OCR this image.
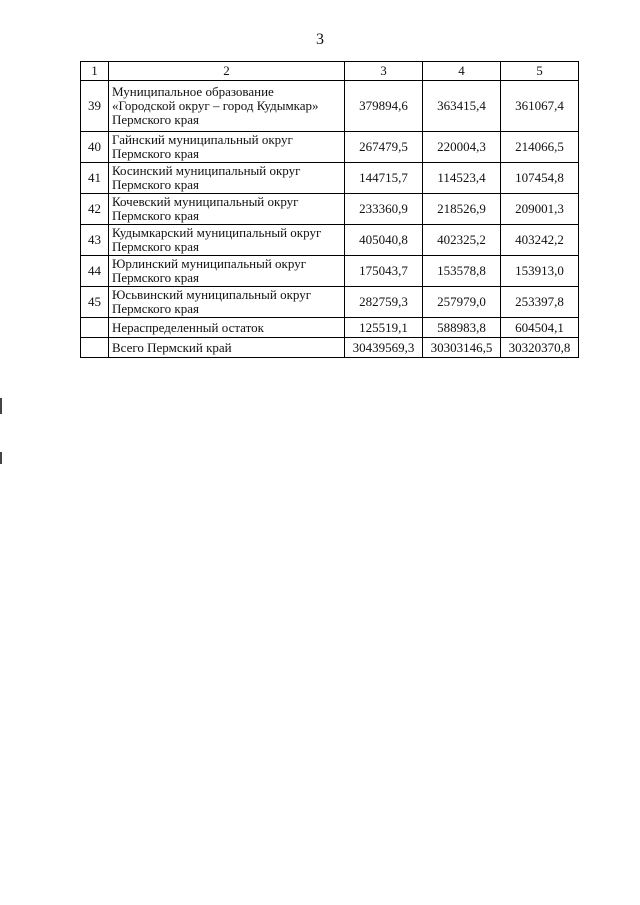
3
1	2	3	4	5
39	Муниципальное образование
«Городской округ – город Кудымкар»
Пермского края	379894,6	363415,4	361067,4
40	Гайнский муниципальный округ
Пермского края	267479,5	220004,3	214066,5
41	Косинский муниципальный округ
Пермского края	144715,7	114523,4	107454,8
42	Кочевский муниципальный округ
Пермского края	233360,9	218526,9	209001,3
43	Кудымкарский муниципальный округ
Пермского края	405040,8	402325,2	403242,2
44	Юрлинский муниципальный округ
Пермского края	175043,7	153578,8	153913,0
45	Юсьвинский муниципальный округ
Пермского края	282759,3	257979,0	253397,8

	Нераспределенный остаток	125519,1	588983,8	604504,1

	Всего Пермский край	30439569,3	30303146,5	30320370,8
